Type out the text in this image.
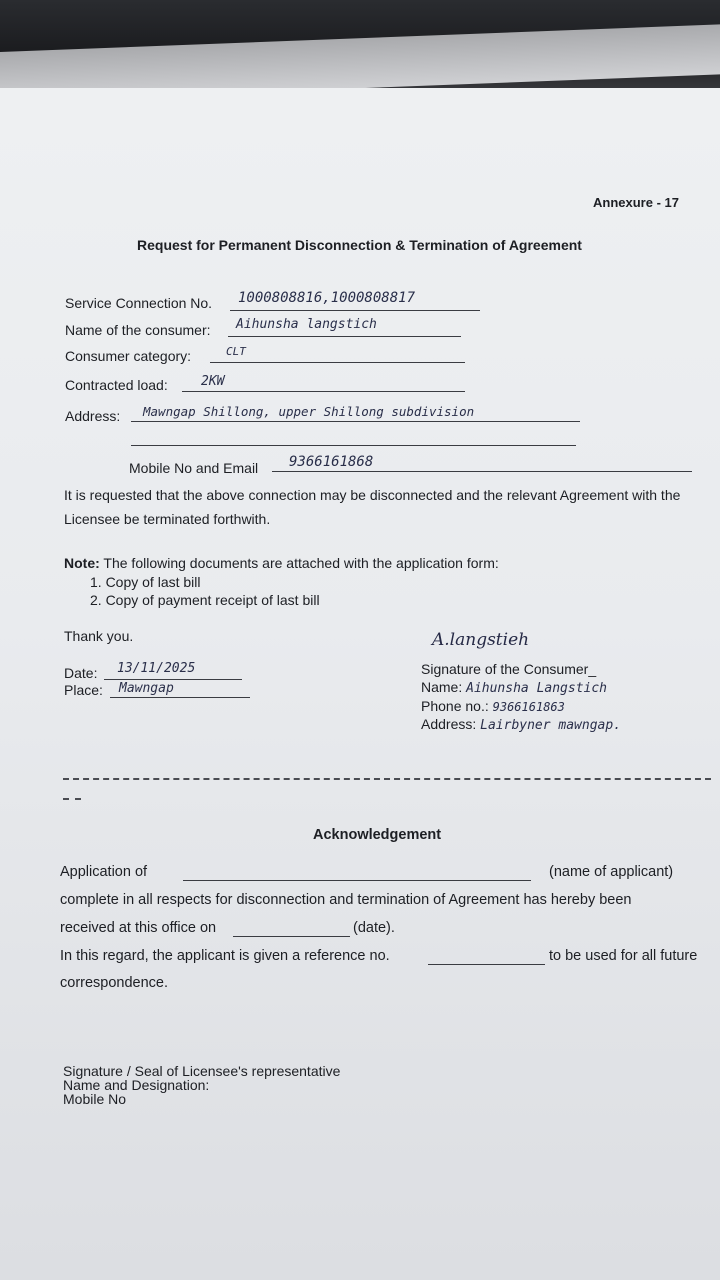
Annexure - 17
Request for Permanent Disconnection & Termination of Agreement
Service Connection No. 1000808816,1000808817
Name of the consumer: Aihunsha langstich
Consumer category:	CLT
Contracted load:	2KW
Address: Mawngap Shillong, upper Shillong subdivision
Mobile No and Email 9366161868
It is requested that the above connection may be disconnected and the relevant Agreement with the Licensee be terminated forthwith.
Note: The following documents are attached with the application form:
1. Copy of last bill
2. Copy of payment receipt of last bill
Thank you.
Date: 13/11/2025
Place: Mawngap
A.langstieh
Signature of the Consumer_
Name: Aihunsha Langstich
Phone no.: 9366161863
Address: Lairbyner mawngap.
Acknowledgement
Application of	(name of applicant)
complete in all respects for disconnection and termination of Agreement has hereby been
received at this office on	(date).
In this regard, the applicant is given a reference no.	to be used for all future
correspondence.
Signature / Seal of Licensee's representative
Name and Designation:
Mobile No
